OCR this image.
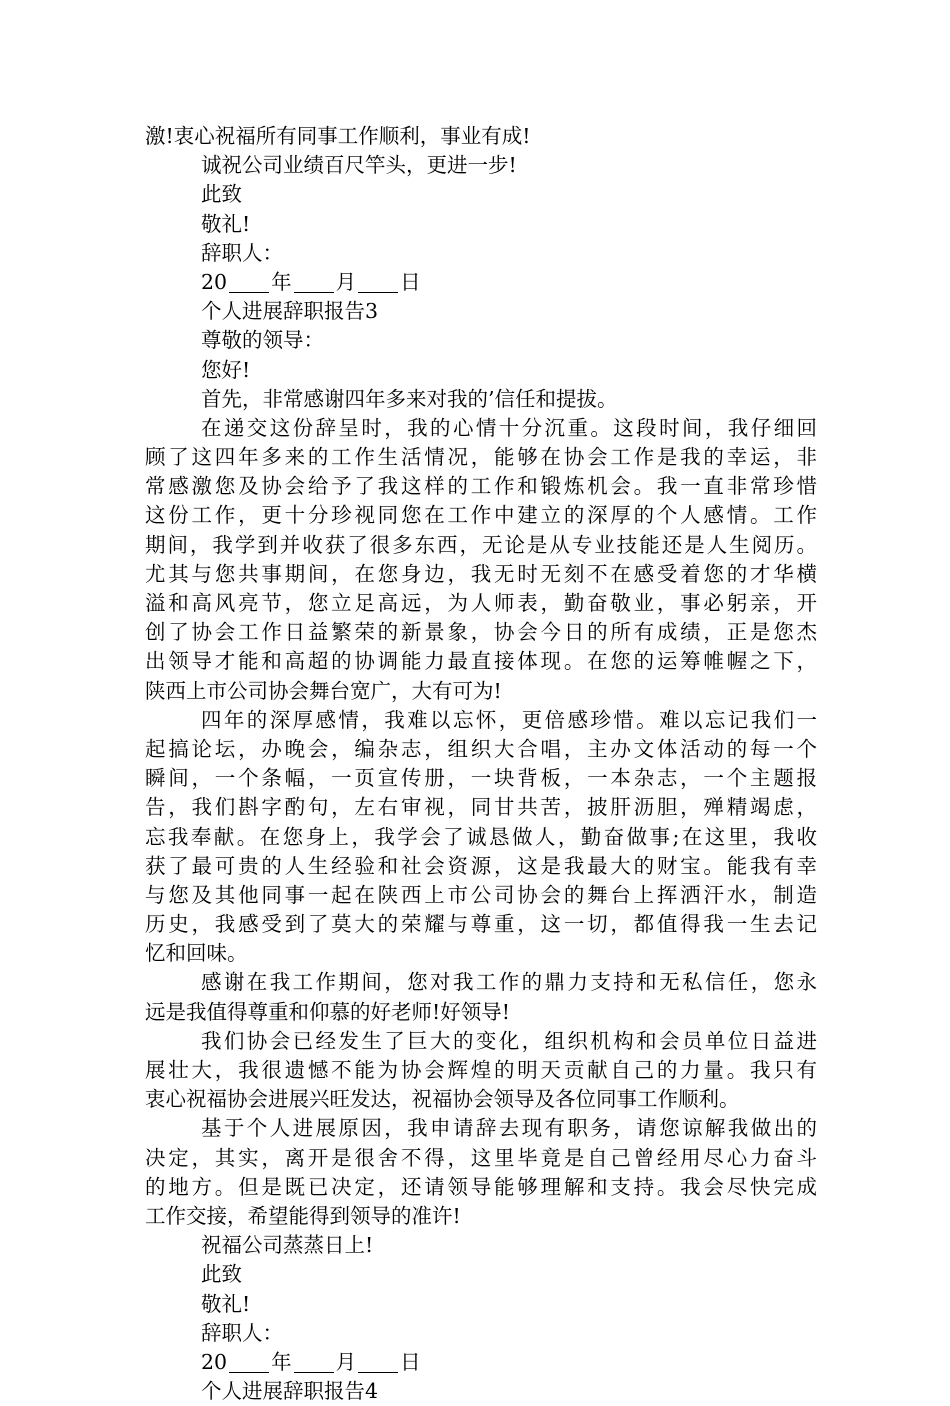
激!衷心祝福所有同事工作顺利，事业有成!
诚祝公司业绩百尺竿头，更进一步!
此致
敬礼!
辞职人：
20 年 月 日
个人进展辞职报告3
尊敬的领导：
您好!
首先，非常感谢四年多来对我的’信任和提拔。
在递交这份辞呈时，我的心情十分沉重。这段时间，我仔细回
顾了这四年多来的工作生活情况，能够在协会工作是我的幸运，非
常感激您及协会给予了我这样的工作和锻炼机会。我一直非常珍惜
这份工作，更十分珍视同您在工作中建立的深厚的个人感情。工作
期间，我学到并收获了很多东西，无论是从专业技能还是人生阅历。
尤其与您共事期间，在您身边，我无时无刻不在感受着您的才华横
溢和高风亮节，您立足高远，为人师表，勤奋敬业，事必躬亲，开
创了协会工作日益繁荣的新景象，协会今日的所有成绩，正是您杰
出领导才能和高超的协调能力最直接体现。在您的运筹帷幄之下，
陕西上市公司协会舞台宽广，大有可为!
四年的深厚感情，我难以忘怀，更倍感珍惜。难以忘记我们一
起搞论坛，办晚会，编杂志，组织大合唱，主办文体活动的每一个
瞬间，一个条幅，一页宣传册，一块背板，一本杂志，一个主题报
告，我们斟字酌句，左右审视，同甘共苦，披肝沥胆，殚精竭虑，
忘我奉献。在您身上，我学会了诚恳做人，勤奋做事;在这里，我收
获了最可贵的人生经验和社会资源，这是我最大的财宝。能我有幸
与您及其他同事一起在陕西上市公司协会的舞台上挥洒汗水，制造
历史，我感受到了莫大的荣耀与尊重，这一切，都值得我一生去记
忆和回味。
感谢在我工作期间，您对我工作的鼎力支持和无私信任，您永
远是我值得尊重和仰慕的好老师!好领导!
我们协会已经发生了巨大的变化，组织机构和会员单位日益进
展壮大，我很遗憾不能为协会辉煌的明天贡献自己的力量。我只有
衷心祝福协会进展兴旺发达，祝福协会领导及各位同事工作顺利。
基于个人进展原因，我申请辞去现有职务，请您谅解我做出的
决定，其实，离开是很舍不得，这里毕竟是自己曾经用尽心力奋斗
的地方。但是既已决定，还请领导能够理解和支持。我会尽快完成
工作交接，希望能得到领导的准许!
祝福公司蒸蒸日上!
此致
敬礼!
辞职人：
20 年 月 日
个人进展辞职报告4
